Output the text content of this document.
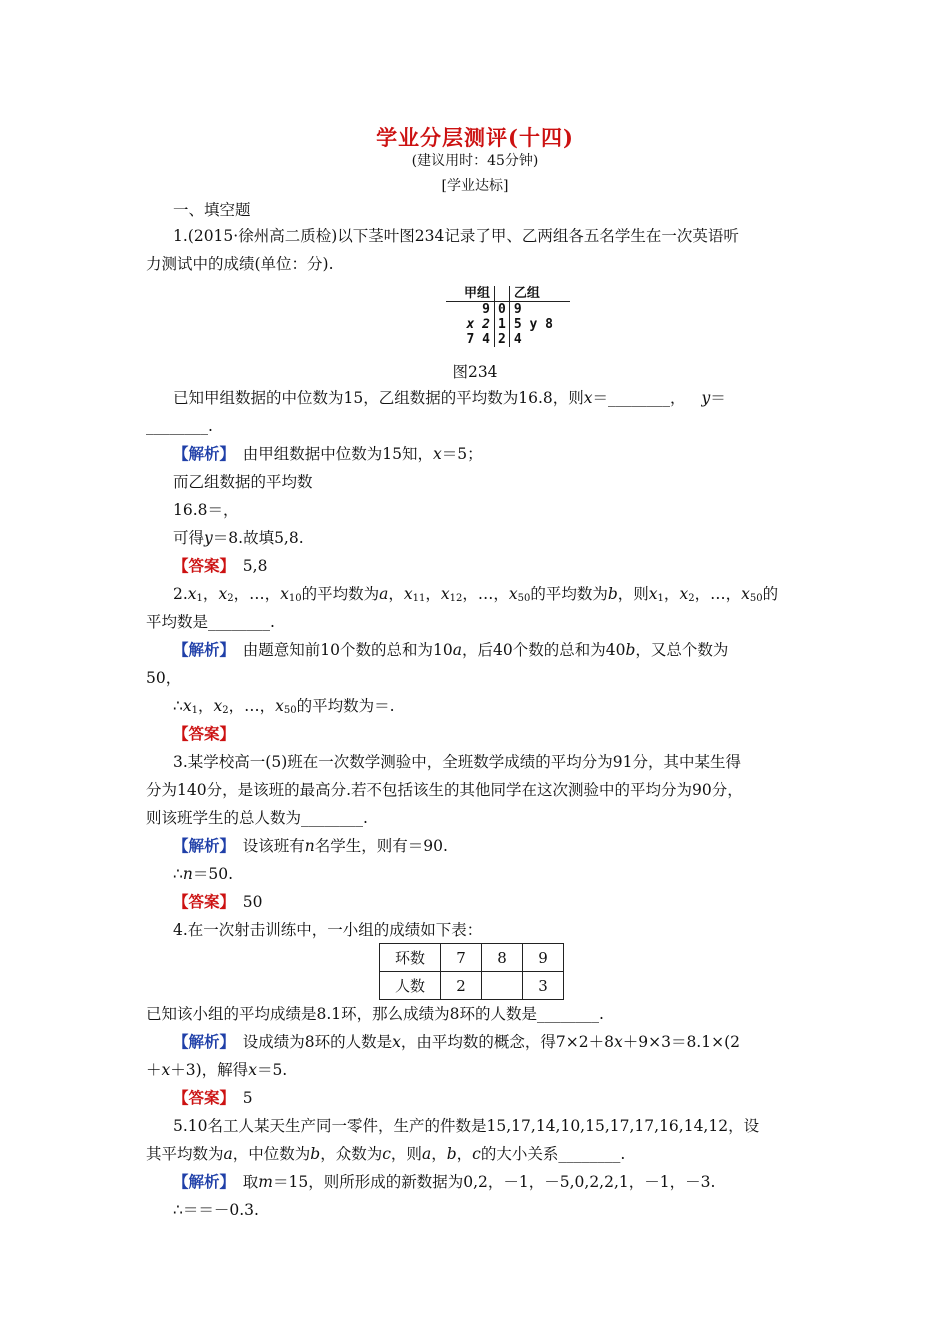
学业分层测评(十四)
(建议用时：45分钟)
[学业达标]
一、填空题
1.(2015·徐州高二质检)以下茎叶图234记录了甲、乙两组各五名学生在一次英语听
力测试中的成绩(单位：分).
甲组		乙组
9	0	9
x 2	1	5 y 8
7 4	2	4
图234
已知甲组数据的中位数为15，乙组数据的平均数为16.8，则x＝________， y＝
________.
【解析】　 由甲组数据中位数为15知，x＝5；
而乙组数据的平均数
16.8＝，
可得y＝8.故填5,8.
【答案】　 5,8
$2.x_1$，$x_2$，…，$x_{10}$的平均数为a，$x_{11}$，$x_{12}$，…，$x_{50}$的平均数为b，则$x_1$，$x_2$，…，$x_{50}$的
平均数是________.
【解析】　 由题意知前10个数的总和为10a，后40个数的总和为40b，又总个数为
50，
$\therefore x_1$，$x_2$，…，$x_{50}$的平均数为＝.
【答案】
3.某学校高一(5)班在一次数学测验中，全班数学成绩的平均分为91分，其中某生得
分为140分，是该班的最高分.若不包括该生的其他同学在这次测验中的平均分为90分，
则该班学生的总人数为________.
【解析】　 设该班有n名学生，则有＝90.
∴n＝50.
【答案】　 50
4.在一次射击训练中，一小组的成绩如下表：
环数	7	8	9
人数	2		3
已知该小组的平均成绩是8.1环，那么成绩为8环的人数是________.
【解析】　 设成绩为8环的人数是x，由平均数的概念，得7×2＋8x＋9×3＝8.1×(2
＋x＋3)，解得x＝5.
【答案】　 5
5.10名工人某天生产同一零件，生产的件数是15,17,14,10,15,17,17,16,14,12，设
其平均数为a，中位数为b，众数为c，则a，b，c的大小关系________.
【解析】　 取m＝15，则所形成的新数据为0,2，－1，－5,0,2,2,1，－1，－3.
∴＝＝－0.3.
